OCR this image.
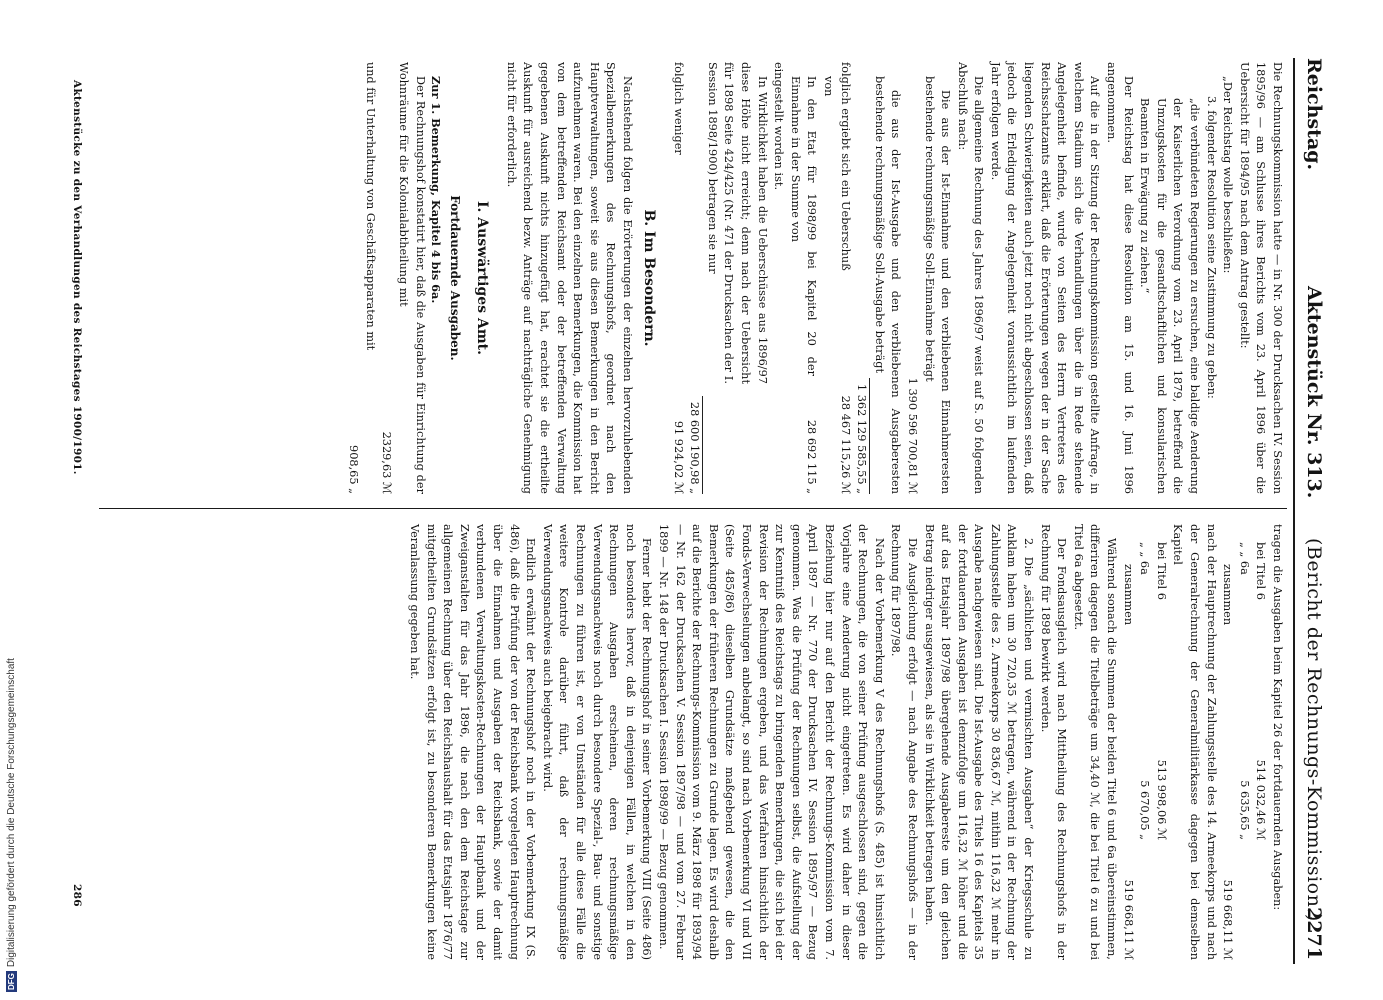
Reichstag.
Aktenstück Nr. 313.
(Bericht der Rechnungs-Kommission.)
2271

Die Rechnungskommission hatte — in Nr. 300 der Drucksachen IV. Session 1895/96 — am Schlusse ihres Berichts vom 23. April 1896 über die Uebersicht für 1894/95 nach dem Antrag gestellt:

„Der Reichstag wolle beschließen:

3. folgender Resolution seine Zustimmung zu geben:

„die verbündeten Regierungen zu ersuchen, eine baldige Aenderung der Kaiserlichen Verordnung vom 23. April 1879, betreffend die Umzugskosten für die gesandtschaftlichen und konsularischen Beamten in Erwägung zu ziehen.“

Der Reichstag hat diese Resolution am 15. und 16. Juni 1896 angenommen.

Auf die in der Sitzung der Rechnungskommission gestellte Anfrage, in welchem Stadium sich die Verhandlungen über die in Rede stehende Angelegenheit befinde, wurde von Seiten des Herrn Vertreters des Reichsschatzamts erklärt, daß die Erörterungen wegen der in der Sache liegenden Schwierigkeiten auch jetzt noch nicht abgeschlossen seien, daß jedoch die Erledigung der Angelegenheit voraussichtlich im laufenden Jahr erfolgen werde.

Die allgemeine Rechnung des Jahres 1896/97 weist auf S. 50 folgenden Abschluß nach:

Die aus der Ist-Einnahme und den verbliebenen Einnahmeresten bestehende rechnungsmäßige Soll-Einnahme beträgt

1 390 596 700,81 ℳ

die aus der Ist-Ausgabe und den verbliebenen Ausgaberesten bestehende rechnungsmäßige Soll-Ausgabe beträgt

1 362 129 585,55 „
folglich ergiebt sich ein Ueberschuß
28 467 115,26 ℳ

von

In den Etat für 1898/99 bei Kapitel 20 der Einnahme in der Summe von
28 692 115 „

eingestellt worden ist.

In Wirklichkeit haben die Ueberschüsse aus 1896/97 diese Höhe nicht erreicht; denn nach der Uebersicht für 1898 Seite 424/425 (Nr. 471 der Drucksachen der I. Session 1898/1900) betragen sie nur

28 600 190,98 „
folglich weniger
91 924,02 ℳ
B. Im Besondern.

Nachstehend folgen die Erörterungen der einzelnen hervorzuhebenden Spezialbemerkungen des Rechnungshofs, geordnet nach den Hauptverwaltungen, soweit sie aus diesen Bemerkungen in den Bericht aufzunehmen waren. Bei den einzelnen Bemerkungen, die Kommission hat von dem betreffenden Reichsamt oder der betreffenden Verwaltung gegebenen Auskunft nichts hinzugefügt hat, erachtet sie die ertheilte Auskunft für ausreichend bezw. Anträge auf nachträgliche Genehmigung nicht für erforderlich.

I. Auswärtiges Amt.
Fortdauernde Ausgaben.

Zur 1. Bemerkung, Kapitel 4 bis 6a.

Der Rechnungshof konstatirt hier, daß die Ausgaben für Einrichtung der Wohnräume für die Kolonialabtheilung mit

2329,63 ℳ

und für Unterhaltung von Geschäftsapparaten mit

908,65 „

tragen die Ausgaben beim Kapitel 26 der fortdauernden Ausgaben:

bei Titel 6
514 032,46 ℳ
„ „ 6a
5 635,65 „
zusammen
519 668,11 ℳ

nach der Hauptrechnung der Zahlungsstelle des 14. Armeekorps und nach der Generalrechnung der Generalmilitärkasse dagegen bei demselben Kapitel

bei Titel 6
513 998,06 ℳ
„ „ 6a
5 670,05 „
zusammen
519 668,11 ℳ

Während sonach die Summen der beiden Titel 6 und 6a übereinstimmen, differiren dagegen die Titelbeträge um 34,40 ℳ, die bei Titel 6 zu und bei Titel 6a abgesetzt.

Der Fondsausgleich wird nach Mittheilung des Rechnungshofs in der Rechnung für 1898 bewirkt werden.

2. Die „sächlichen und vermischten Ausgaben“ der Kriegsschule zu Anklam haben um 30 720,35 ℳ betragen, während in der Rechnung der Zahlungsstelle des 2. Armeekorps 30 836,67 ℳ, mithin 116,32 ℳ mehr in Ausgabe nachgewiesen sind. Die Ist-Ausgabe des Titels 16 des Kapitels 35 der fortdauernden Ausgaben ist demzufolge um 116,32 ℳ höher und die auf das Etatsjahr 1897/98 übergehende Ausgabereste um den gleichen Betrag niedriger ausgewiesen, als sie in Wirklichkeit betragen haben.

Die Ausgleichung erfolgt — nach Angabe des Rechnungshofs — in der Rechnung für 1897/98.

Nach der Vorbemerkung V des Rechnungshofs (S. 485) ist hinsichtlich der Rechnungen, die von seiner Prüfung ausgeschlossen sind, gegen die Vorjahre eine Aenderung nicht eingetreten. Es wird daher in dieser Beziehung hier nur auf den Bericht der Rechnungs-Kommission vom 7. April 1897 — Nr. 770 der Drucksachen IV. Session 1895/97 — Bezug genommen. Was die Prüfung der Rechnungen selbst, die Aufstellung der zur Kenntniß des Reichstags zu bringenden Bemerkungen, die sich bei der Revision der Rechnungen ergeben, und das Verfahren hinsichtlich der Fonds-Verwechselungen anbelangt, so sind nach Vorbemerkung VI und VII (Seite 485/86) dieselben Grundsätze maßgebend gewesen, die den Bemerkungen der früheren Rechnungen zu Grunde lagen. Es wird deshalb auf die Berichte der Rechnungs-Kommission vom 9. März 1898 für 1893/94 — Nr. 162 der Drucksachen V. Session 1897/98 — und vom 27. Februar 1899 — Nr. 148 der Drucksachen I. Session 1898/99 — Bezug genommen.

Ferner hebt der Rechnungshof in seiner Vorbemerkung VIII (Seite 486) noch besonders hervor, daß in denjenigen Fällen, in welchen in den Rechnungen Ausgaben erscheinen, deren rechnungsmäßige Verwendungsnachweis noch durch besondere Spezial-, Bau- und sonstige Rechnungen zu führen ist, er von Umständen für alle diese Fälle die weitere Kontrole darüber führt, daß der rechnungsmäßige Verwendungsnachweis auch beigebracht wird.

Endlich erwähnt der Rechnungshof noch in der Vorbemerkung IX (S. 486), daß die Prüfung der von der Reichsbank vorgelegten Hauptrechnung über die Einnahmen und Ausgaben der Reichsbank, sowie der damit verbundenen Verwaltungskosten-Rechnungen der Hauptbank und der Zweiganstalten für das Jahr 1896, die nach den dem Reichstage zur allgemeinen Rechnung über den Reichshaushalt für das Etatsjahr 1876/77 mitgetheilten Grundsätzen erfolgt ist, zu besonderen Bemerkungen keine Veranlassung gegeben hat.

Aktenstücke zu den Verhandlungen des Reichstages 1900/1901.
286
DFGDigitalisierung gefördert durch die Deutsche Forschungsgemeinschaft
